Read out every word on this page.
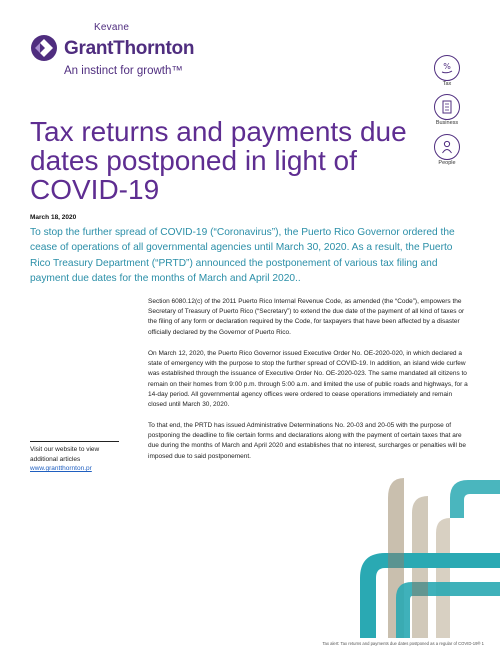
Kevane
GrantThornton
An instinct for growth™	%
Tax
Business
People
Tax returns and payments due dates postponed in light of COVID-19
March 18, 2020
To stop the further spread of COVID-19 (“Coronavirus”), the Puerto Rico Governor ordered the cease of operations of all governmental agencies until March 30, 2020. As a result, the Puerto Rico Treasury Department (“PRTD”) announced the postponement of various tax filing and payment due dates for the months of March and April 2020..
Section 6080.12(c) of the 2011 Puerto Rico Internal Revenue Code, as amended (the “Code”), empowers the Secretary of Treasury of Puerto Rico (“Secretary”) to extend the due date of the payment of all kind of taxes or the filing of any form or declaration required by the Code, for taxpayers that have been affected by a disaster officially declared by the Governor of Puerto Rico.
On March 12, 2020, the Puerto Rico Governor issued Executive Order No. OE-2020-020, in which declared a state of emergency with the purpose to stop the further spread of COVID-19. In addition, an island wide curfew was established through the issuance of Executive Order No. OE-2020-023. The same mandated all citizens to remain on their homes from 9:00 p.m. through 5:00 a.m. and limited the use of public roads and highways, for a 14-day period. All governmental agency offices were ordered to cease operations immediately and remain closed until March 30, 2020.
To that end, the PRTD has issued Administrative Determinations No. 20-03 and 20-05 with the purpose of postponing the deadline to file certain forms and declarations along with the payment of certain taxes that are due during the months of March and April 2020 and establishes that no interest, surcharges or penalties will be imposed due to said postponement.
Visit our website to view
additional articles
www.grantthornton.pr
Tax alert: Tax returns and payments due dates postponed as a regular of COVID-19® 1
